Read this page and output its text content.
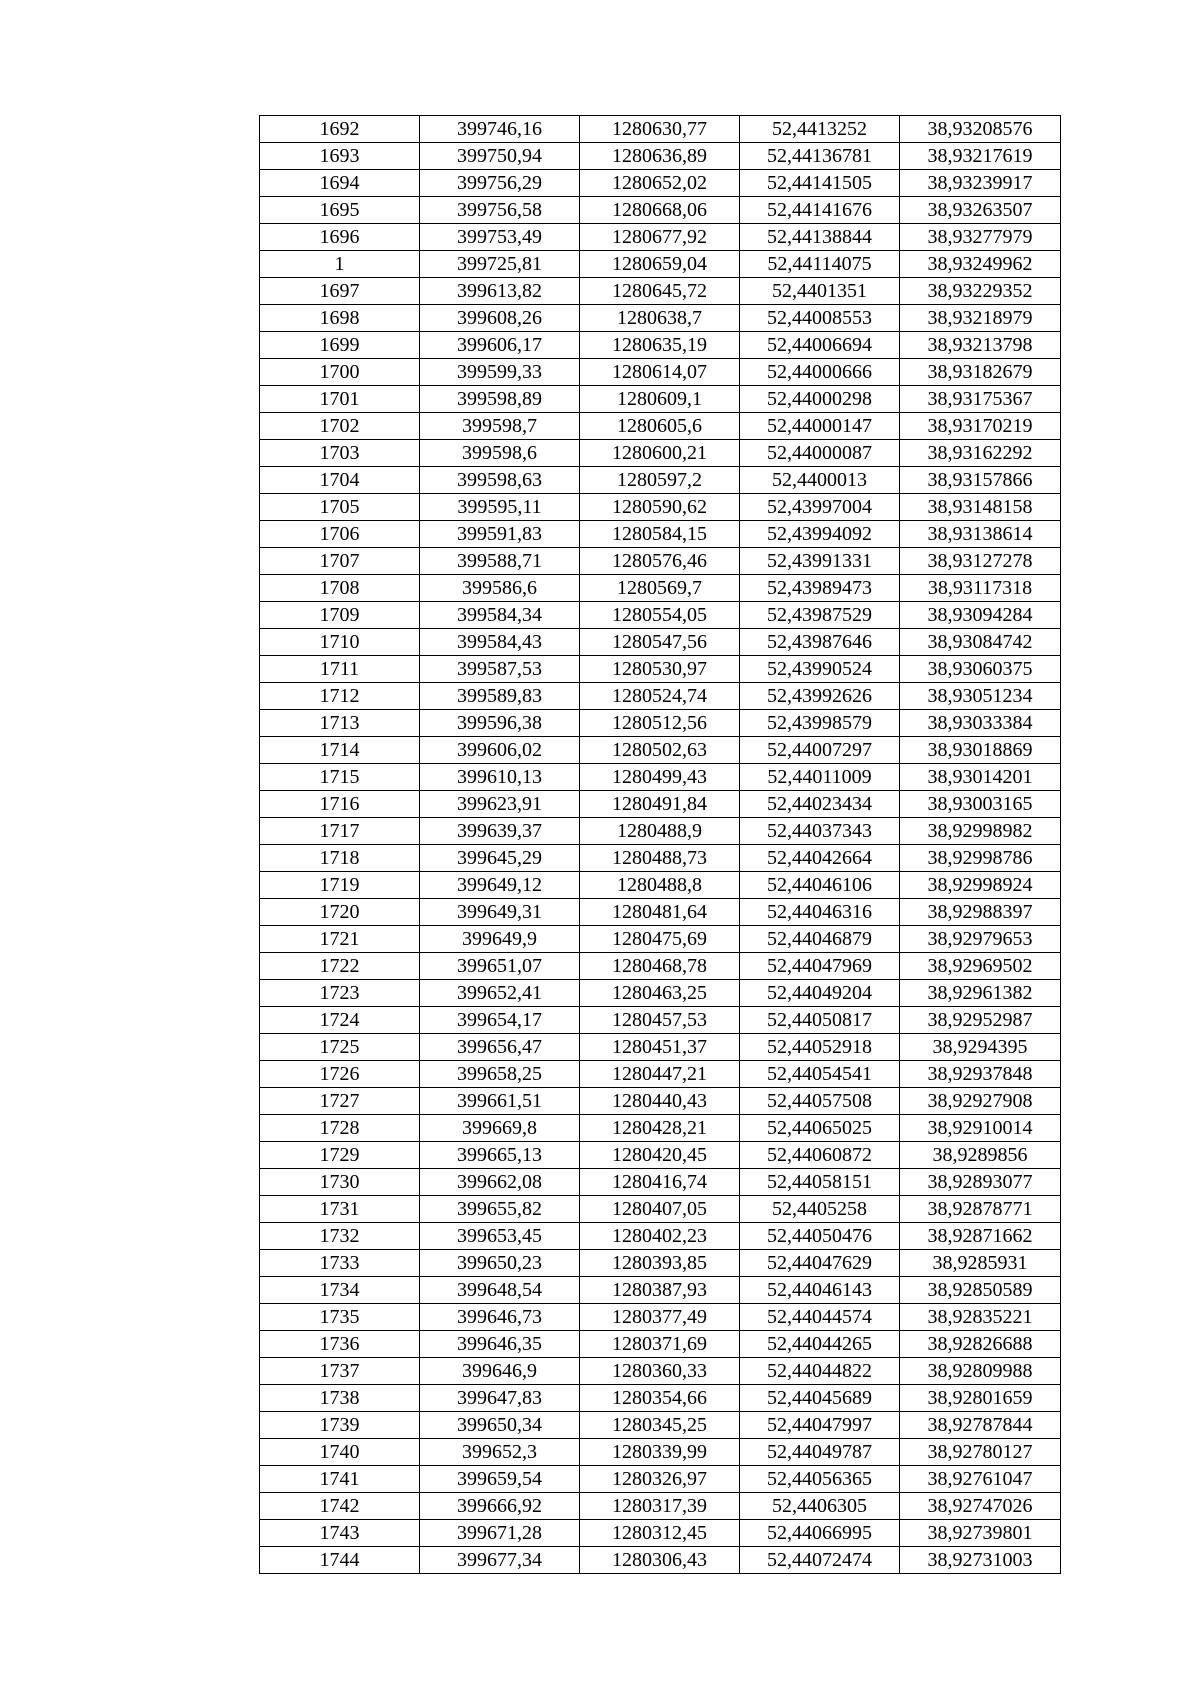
1692	399746,16	1280630,77	52,4413252	38,93208576
1693	399750,94	1280636,89	52,44136781	38,93217619
1694	399756,29	1280652,02	52,44141505	38,93239917
1695	399756,58	1280668,06	52,44141676	38,93263507
1696	399753,49	1280677,92	52,44138844	38,93277979
1	399725,81	1280659,04	52,44114075	38,93249962
1697	399613,82	1280645,72	52,4401351	38,93229352
1698	399608,26	1280638,7	52,44008553	38,93218979
1699	399606,17	1280635,19	52,44006694	38,93213798
1700	399599,33	1280614,07	52,44000666	38,93182679
1701	399598,89	1280609,1	52,44000298	38,93175367
1702	399598,7	1280605,6	52,44000147	38,93170219
1703	399598,6	1280600,21	52,44000087	38,93162292
1704	399598,63	1280597,2	52,4400013	38,93157866
1705	399595,11	1280590,62	52,43997004	38,93148158
1706	399591,83	1280584,15	52,43994092	38,93138614
1707	399588,71	1280576,46	52,43991331	38,93127278
1708	399586,6	1280569,7	52,43989473	38,93117318
1709	399584,34	1280554,05	52,43987529	38,93094284
1710	399584,43	1280547,56	52,43987646	38,93084742
1711	399587,53	1280530,97	52,43990524	38,93060375
1712	399589,83	1280524,74	52,43992626	38,93051234
1713	399596,38	1280512,56	52,43998579	38,93033384
1714	399606,02	1280502,63	52,44007297	38,93018869
1715	399610,13	1280499,43	52,44011009	38,93014201
1716	399623,91	1280491,84	52,44023434	38,93003165
1717	399639,37	1280488,9	52,44037343	38,92998982
1718	399645,29	1280488,73	52,44042664	38,92998786
1719	399649,12	1280488,8	52,44046106	38,92998924
1720	399649,31	1280481,64	52,44046316	38,92988397
1721	399649,9	1280475,69	52,44046879	38,92979653
1722	399651,07	1280468,78	52,44047969	38,92969502
1723	399652,41	1280463,25	52,44049204	38,92961382
1724	399654,17	1280457,53	52,44050817	38,92952987
1725	399656,47	1280451,37	52,44052918	38,9294395
1726	399658,25	1280447,21	52,44054541	38,92937848
1727	399661,51	1280440,43	52,44057508	38,92927908
1728	399669,8	1280428,21	52,44065025	38,92910014
1729	399665,13	1280420,45	52,44060872	38,9289856
1730	399662,08	1280416,74	52,44058151	38,92893077
1731	399655,82	1280407,05	52,4405258	38,92878771
1732	399653,45	1280402,23	52,44050476	38,92871662
1733	399650,23	1280393,85	52,44047629	38,9285931
1734	399648,54	1280387,93	52,44046143	38,92850589
1735	399646,73	1280377,49	52,44044574	38,92835221
1736	399646,35	1280371,69	52,44044265	38,92826688
1737	399646,9	1280360,33	52,44044822	38,92809988
1738	399647,83	1280354,66	52,44045689	38,92801659
1739	399650,34	1280345,25	52,44047997	38,92787844
1740	399652,3	1280339,99	52,44049787	38,92780127
1741	399659,54	1280326,97	52,44056365	38,92761047
1742	399666,92	1280317,39	52,4406305	38,92747026
1743	399671,28	1280312,45	52,44066995	38,92739801
1744	399677,34	1280306,43	52,44072474	38,92731003
